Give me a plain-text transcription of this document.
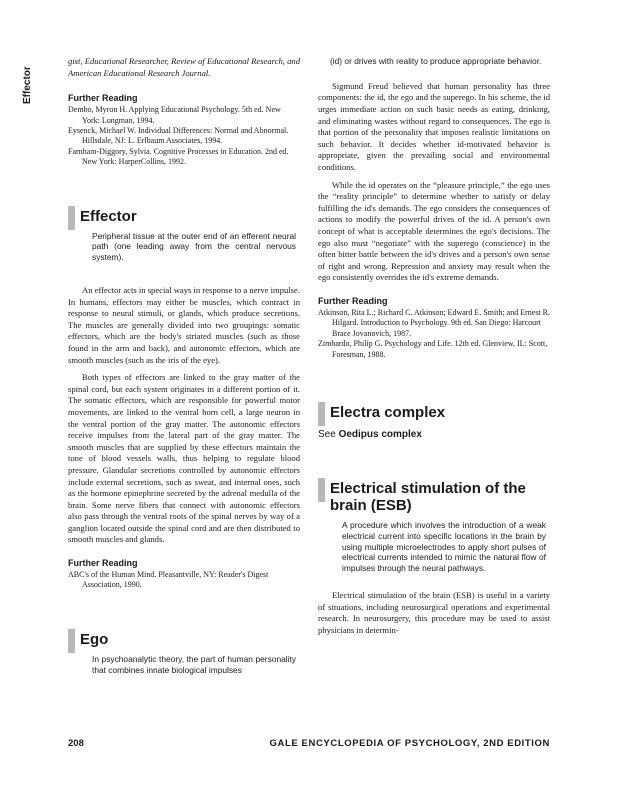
Effector

gist, Educational Researcher, Review of Educational Research, and American Educational Research Journal.

Further Reading

Dembo, Myron H. Applying Educational Psychology. 5th ed. New York: Longman, 1994.

Eysenck, Michael W. Individual Differences: Normal and Abnormal. Hillsdale, NJ: L. Erlbaum Associates, 1994.

Farnham-Diggory, Sylvia. Cognitive Processes in Education. 2nd ed. New York: HarperCollins, 1992.

Effector

Peripheral tissue at the outer end of an efferent neural path (one leading away from the central nervous system).

An effector acts in special ways in response to a nerve impulse. In humans, effectors may either be muscles, which contract in response to neural stimuli, or glands, which produce secretions. The muscles are generally divided into two groupings: somatic effectors, which are the body's striated muscles (such as those found in the arm and back), and autonomic effectors, which are smooth muscles (such as the iris of the eye).

Both types of effectors are linked to the gray matter of the spinal cord, but each system originates in a different portion of it. The somatic effectors, which are responsible for powerful motor movements, are linked to the ventral horn cell, a large neuron in the ventral portion of the gray matter. The autonomic effectors receive impulses from the lateral part of the gray matter. The smooth muscles that are supplied by these effectors maintain the tone of blood vessels walls, thus helping to regulate blood pressure. Glandular secretions controlled by autonomic effectors include external secretions, such as sweat, and internal ones, such as the hormone epinephrine secreted by the adrenal medulla of the brain. Some nerve fibers that connect with autonomic effectors also pass through the ventral roots of the spinal nerves by way of a ganglion located outside the spinal cord and are then distributed to smooth muscles and glands.

Further Reading

ABC's of the Human Mind. Pleasantville, NY: Reader's Digest Association, 1990.

Ego

In psychoanalytic theory, the part of human personality that combines innate biological impulses

(id) or drives with reality to produce appropriate behavior.

Sigmund Freud believed that human personality has three components: the id, the ego and the superego. In his scheme, the id urges immediate action on such basic needs as eating, drinking, and eliminating wastes without regard to consequences. The ego is that portion of the personality that imposes realistic limitations on such behavior. It decides whether id-motivated behavior is appropriate, given the prevailing social and environmental conditions.

While the id operates on the “pleasure principle,” the ego uses the “reality principle” to determine whether to satisfy or delay fulfilling the id's demands. The ego considers the consequences of actions to modify the powerful drives of the id. A person's own concept of what is acceptable determines the ego's decisions. The ego also must “negotiate” with the superego (conscience) in the often bitter battle between the id's drives and a person's own sense of right and wrong. Repression and anxiety may result when the ego consistently overrides the id's extreme demands.

Further Reading

Atkinson, Rita L.; Richard C. Atkinson; Edward E. Smith; and Ernest R. Hilgard. Introduction to Psychology. 9th ed. San Diego: Harcourt Brace Jovanovich, 1987.

Zimbardo, Philip G. Psychology and Life. 12th ed. Glenview, IL: Scott, Foresman, 1988.

Electra complex
See Oedipus complex
Electrical stimulation of the brain (ESB)

A procedure which involves the introduction of a weak electrical current into specific locations in the brain by using multiple microelectrodes to apply short pulses of electrical currents intended to mimic the natural flow of impulses through the neural pathways.

Electrical stimulation of the brain (ESB) is useful in a variety of situations, including neurosurgical operations and experimental research. In neurosurgery, this procedure may be used to assist physicians in determin-

208	GALE ENCYCLOPEDIA OF PSYCHOLOGY, 2ND EDITION
